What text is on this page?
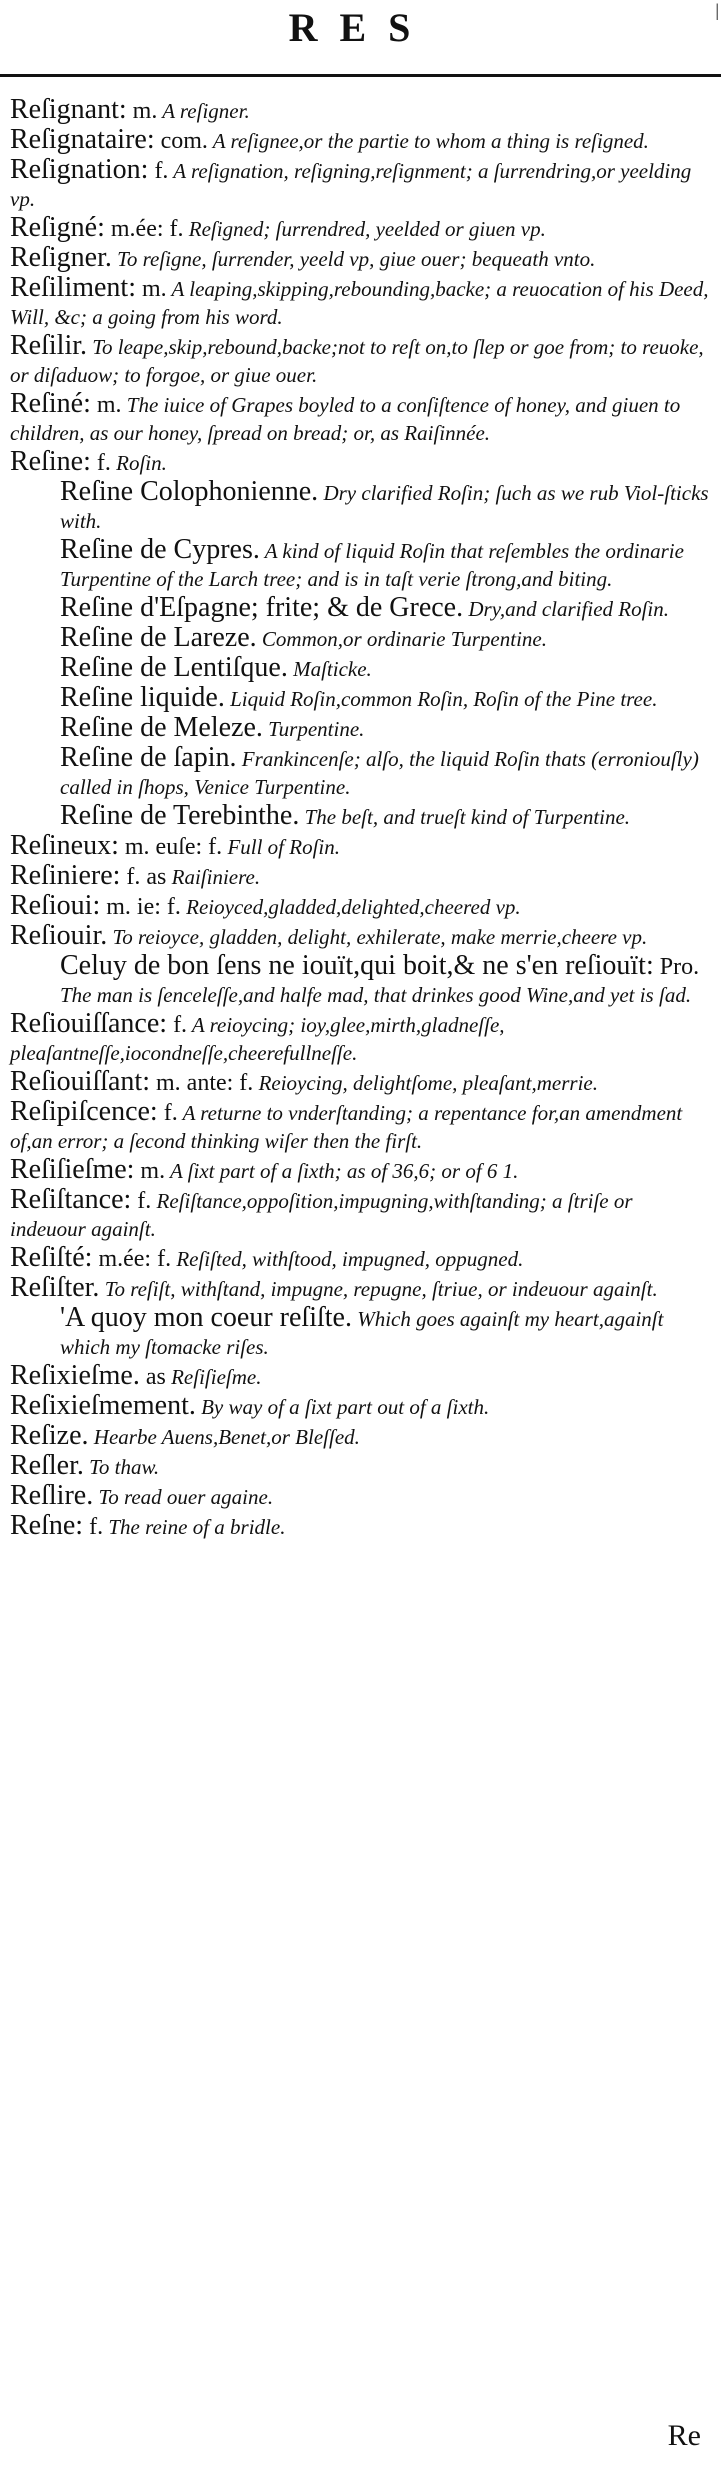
RES	|
Reſignant: m. A reſigner.
Reſignataire: com. A reſignee,or the partie to whom a thing is reſigned.
Reſignation: f. A reſignation, reſigning,reſignment; a ſurrendring,or yeelding vp.
Reſigné: m.ée: f. Reſigned; ſurrendred, yeelded or giuen vp.
Reſigner. To reſigne, ſurrender, yeeld vp, giue ouer; bequeath vnto.
Reſiliment: m. A leaping,skipping,rebounding,backe; a reuocation of his Deed, Will, &c; a going from his word.
Reſilir. To leape,skip,rebound,backe;not to reſt on,to ſlep or goe from; to reuoke, or diſaduow; to forgoe, or giue ouer.
Reſiné: m. The iuice of Grapes boyled to a conſiſtence of honey, and giuen to children, as our honey, ſpread on bread; or, as Raiſinnée.
Reſine: f. Roſin.
Reſine Colophonienne. Dry clarified Roſin; ſuch as we rub Viol-ſticks with.
Reſine de Cypres. A kind of liquid Roſin that reſembles the ordinarie Turpentine of the Larch tree; and is in taſt verie ſtrong,and biting.
Reſine d'Eſpagne; frite; & de Grece. Dry,and clarified Roſin.
Reſine de Lareze. Common,or ordinarie Turpentine.
Reſine de Lentiſque. Maſticke.
Reſine liquide. Liquid Roſin,common Roſin, Roſin of the Pine tree.
Reſine de Meleze. Turpentine.
Reſine de ſapin. Frankincenſe; alſo, the liquid Roſin thats (erroniouſly) called in ſhops, Venice Turpentine.
Reſine de Terebinthe. The beſt, and trueſt kind of Turpentine.
Reſineux: m. euſe: f. Full of Roſin.
Reſiniere: f. as Raiſiniere.
Reſioui: m. ie: f. Reioyced,gladded,delighted,cheered vp.
Reſiouir. To reioyce, gladden, delight, exhilerate, make merrie,cheere vp.
Celuy de bon ſens ne iouït,qui boit,& ne s'en reſiouït: Pro. The man is ſenceleſſe,and halfe mad, that drinkes good Wine,and yet is ſad.
Reſiouiſſance: f. A reioycing; ioy,glee,mirth,gladneſſe, pleaſantneſſe,iocondneſſe,cheerefullneſſe.
Reſiouiſſant: m. ante: f. Reioycing, delightſome, pleaſant,merrie.
Reſipiſcence: f. A returne to vnderſtanding; a repentance for,an amendment of,an error; a ſecond thinking wiſer then the firſt.
Reſiſieſme: m. A ſixt part of a ſixth; as of 36,6; or of 6 1.
Reſiſtance: f. Reſiſtance,oppoſition,impugning,withſtanding; a ſtriſe or indeuour againſt.
Reſiſté: m.ée: f. Reſiſted, withſtood, impugned, oppugned.
Reſiſter. To reſiſt, withſtand, impugne, repugne, ſtriue, or indeuour againſt.
'A quoy mon coeur reſiſte. Which goes againſt my heart,againſt which my ſtomacke riſes.
Reſixieſme. as Reſiſieſme.
Reſixieſmement. By way of a ſixt part out of a ſixth.
Reſize. Hearbe Auens,Benet,or Bleſſed.
Reſler. To thaw.
Reſlire. To read ouer againe.
Reſne: f. The reine of a bridle.
Re
